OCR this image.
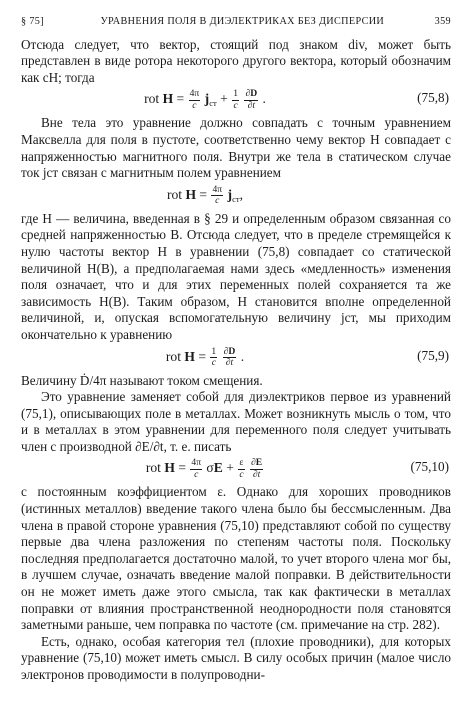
§ 75]	УРАВНЕНИЯ ПОЛЯ В ДИЭЛЕКТРИКАХ БЕЗ ДИСПЕРСИИ	359

Отсюда следует, что вектор, стоящий под знаком div, может быть представлен в виде ротора некоторого другого вектора, который обозначим как cH; тогда

rot $H = \frac{4\pi}{c} j_{ст} + \frac{1}{c}$
$\frac{\partial D}{\partial t}$ .	(75,8)

Вне тела это уравнение должно совпадать с точным уравнением Максвелла для поля в пустоте, соответственно чему вектор H совпадает с напряженностью магнитного поля. Внутри же тела в статическом случае ток jст связан с магнитным полем уравнением

rot $H = \frac{4\pi}{c} j_{ст}$,

где H — величина, введенная в § 29 и определенным образом связанная со средней напряженностью B. Отсюда следует, что в пределе стремящейся к нулю частоты вектор H в уравнении (75,8) совпадает со статической величиной H(B), а предполагаемая нами здесь «медленность» изменения поля означает, что и для этих переменных полей сохраняется та же зависимость H(B). Таким образом, H становится вполне определенной величиной, и, опуская вспомогательную величину jст, мы приходим окончательно к уравнению

rot $H = \frac{1}{c}$
$\frac{\partial D}{\partial t}$ .	(75,9)

Величину Ḋ/4π называют током смещения.

Это уравнение заменяет собой для диэлектриков первое из уравнений (75,1), описывающих поле в металлах. Может возникнуть мысль о том, что и в металлах в этом уравнении для переменного поля следует учитывать член с производной ∂E/∂t, т. е. писать

rot $H = \frac{4\pi}{c}$ $\sigma E + \frac{\varepsilon}{c}$
$\frac{\partial E}{\partial t}$	(75,10)

с постоянным коэффициентом ε. Однако для хороших проводников (истинных металлов) введение такого члена было бы бессмысленным. Два члена в правой стороне уравнения (75,10) представляют собой по существу первые два члена разложения по степеням частоты поля. Поскольку последняя предполагается достаточно малой, то учет второго члена мог бы, в лучшем случае, означать введение малой поправки. В действительности он не может иметь даже этого смысла, так как фактически в металлах поправки от влияния пространственной неоднородности поля становятся заметными раньше, чем поправка по частоте (см. примечание на стр. 282).

Есть, однако, особая категория тел (плохие проводники), для которых уравнение (75,10) может иметь смысл. В силу особых причин (малое число электронов проводимости в полупроводни-
